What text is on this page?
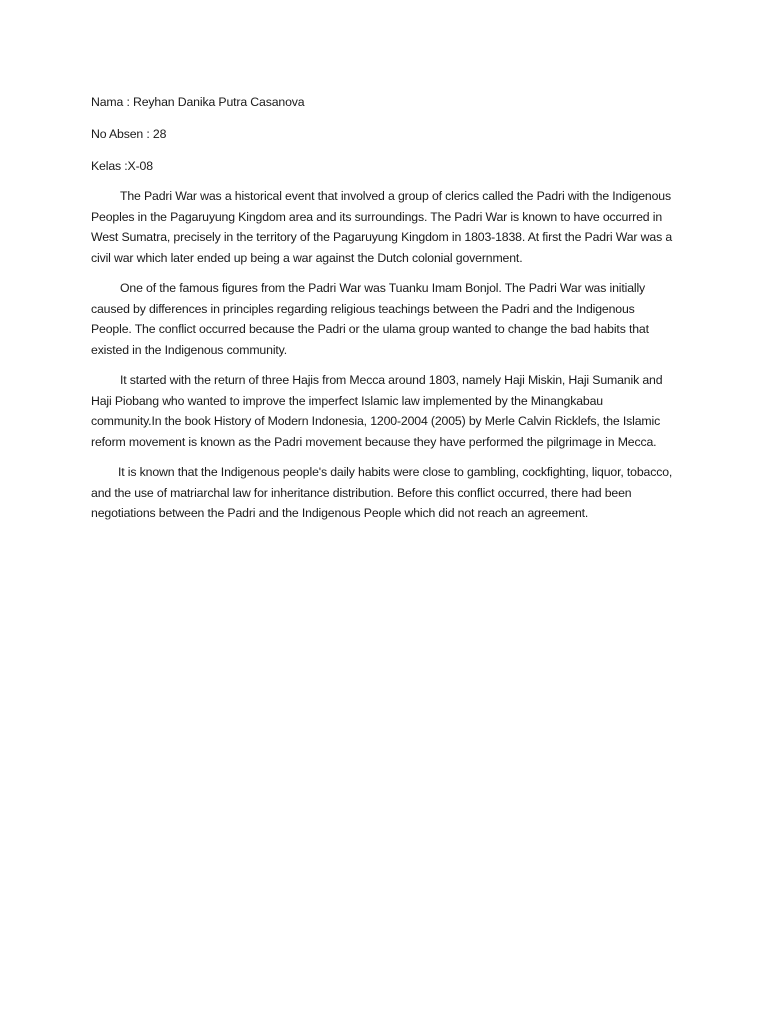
Nama : Reyhan Danika Putra Casanova

No Absen : 28

Kelas :X-08

The Padri War was a historical event that involved a group of clerics called the Padri with the Indigenous Peoples in the Pagaruyung Kingdom area and its surroundings. The Padri War is known to have occurred in West Sumatra, precisely in the territory of the Pagaruyung Kingdom in 1803-1838. At first the Padri War was a civil war which later ended up being a war against the Dutch colonial government.

One of the famous figures from the Padri War was Tuanku Imam Bonjol. The Padri War was initially caused by differences in principles regarding religious teachings between the Padri and the Indigenous People. The conflict occurred because the Padri or the ulama group wanted to change the bad habits that existed in the Indigenous community.

It started with the return of three Hajis from Mecca around 1803, namely Haji Miskin, Haji Sumanik and Haji Piobang who wanted to improve the imperfect Islamic law implemented by the Minangkabau community.In the book History of Modern Indonesia, 1200-2004 (2005) by Merle Calvin Ricklefs, the Islamic reform movement is known as the Padri movement because they have performed the pilgrimage in Mecca.

It is known that the Indigenous people's daily habits were close to gambling, cockfighting, liquor, tobacco, and the use of matriarchal law for inheritance distribution. Before this conflict occurred, there had been negotiations between the Padri and the Indigenous People which did not reach an agreement.
